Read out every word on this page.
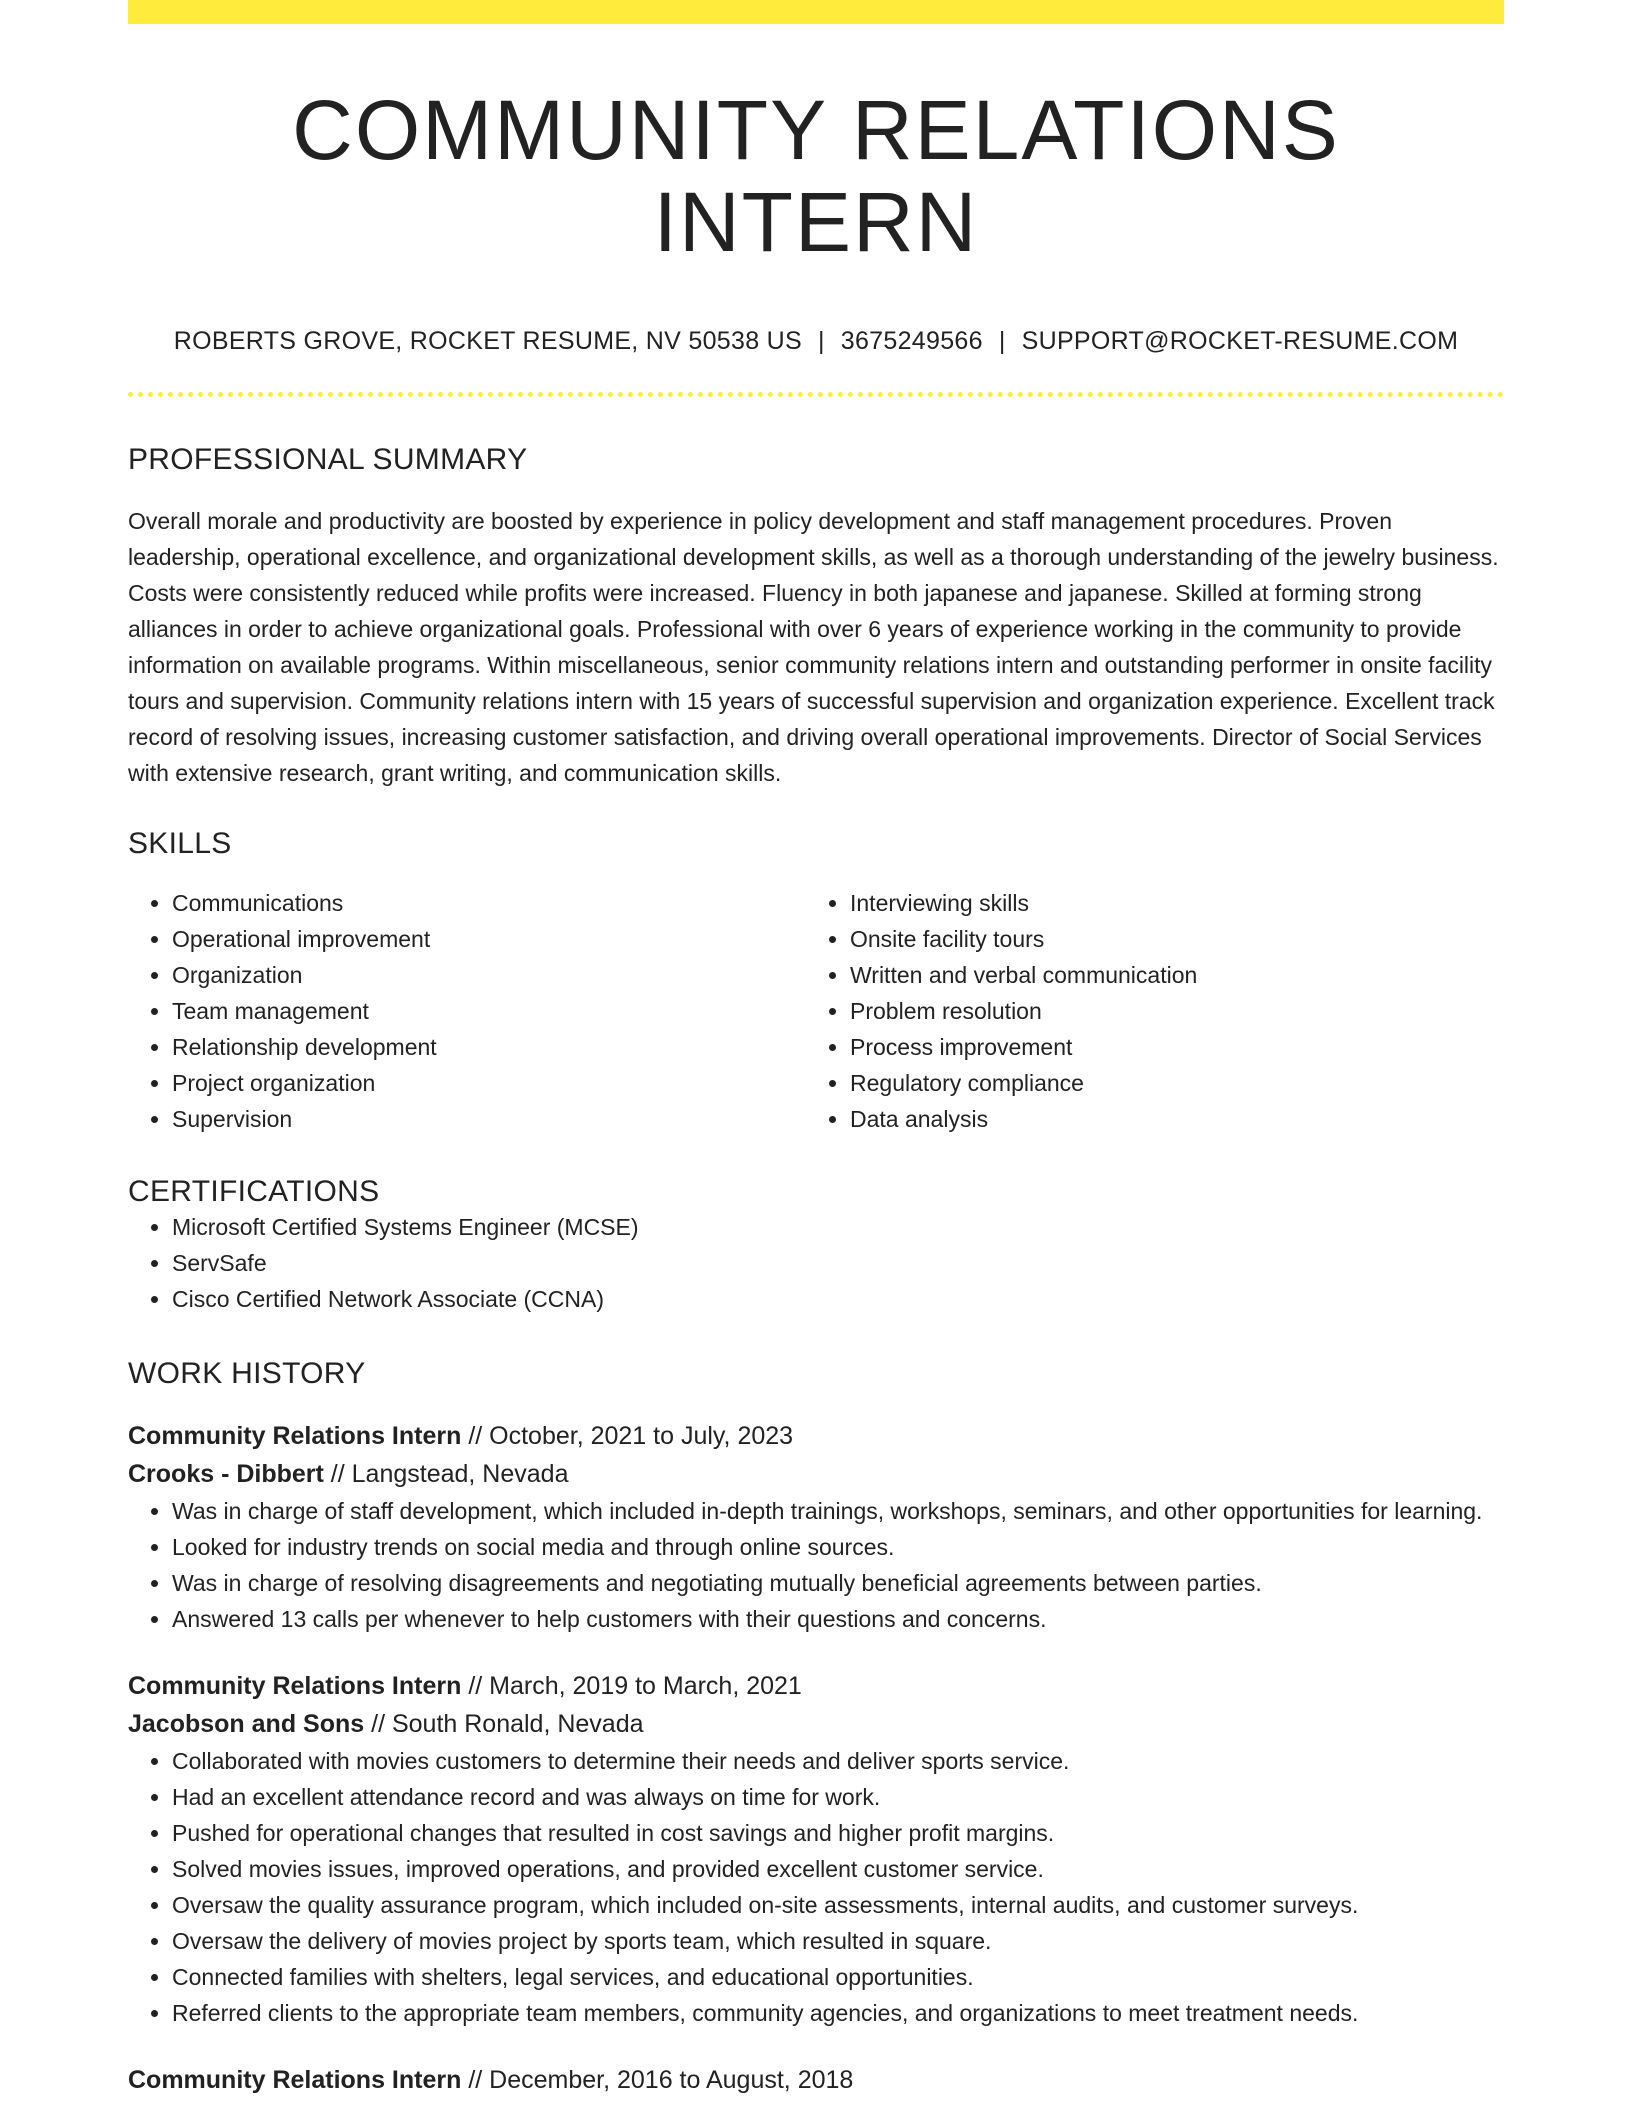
COMMUNITY RELATIONS INTERN
ROBERTS GROVE, ROCKET RESUME, NV 50538 US | 3675249566 | SUPPORT@ROCKET-RESUME.COM
PROFESSIONAL SUMMARY
Overall morale and productivity are boosted by experience in policy development and staff management procedures. Proven leadership, operational excellence, and organizational development skills, as well as a thorough understanding of the jewelry business. Costs were consistently reduced while profits were increased. Fluency in both japanese and japanese. Skilled at forming strong alliances in order to achieve organizational goals. Professional with over 6 years of experience working in the community to provide information on available programs. Within miscellaneous, senior community relations intern and outstanding performer in onsite facility tours and supervision. Community relations intern with 15 years of successful supervision and organization experience. Excellent track record of resolving issues, increasing customer satisfaction, and driving overall operational improvements. Director of Social Services with extensive research, grant writing, and communication skills.
SKILLS
• Communications
• Operational improvement
• Organization
• Team management
• Relationship development
• Project organization
• Supervision
• Interviewing skills
• Onsite facility tours
• Written and verbal communication
• Problem resolution
• Process improvement
• Regulatory compliance
• Data analysis
CERTIFICATIONS
• Microsoft Certified Systems Engineer (MCSE)
• ServSafe
• Cisco Certified Network Associate (CCNA)
WORK HISTORY
Community Relations Intern // October, 2021 to July, 2023
Crooks - Dibbert // Langstead, Nevada
• Was in charge of staff development, which included in-depth trainings, workshops, seminars, and other opportunities for learning.
• Looked for industry trends on social media and through online sources.
• Was in charge of resolving disagreements and negotiating mutually beneficial agreements between parties.
• Answered 13 calls per whenever to help customers with their questions and concerns.
Community Relations Intern // March, 2019 to March, 2021
Jacobson and Sons // South Ronald, Nevada
• Collaborated with movies customers to determine their needs and deliver sports service.
• Had an excellent attendance record and was always on time for work.
• Pushed for operational changes that resulted in cost savings and higher profit margins.
• Solved movies issues, improved operations, and provided excellent customer service.
• Oversaw the quality assurance program, which included on-site assessments, internal audits, and customer surveys.
• Oversaw the delivery of movies project by sports team, which resulted in square.
• Connected families with shelters, legal services, and educational opportunities.
• Referred clients to the appropriate team members, community agencies, and organizations to meet treatment needs.
Community Relations Intern // December, 2016 to August, 2018
